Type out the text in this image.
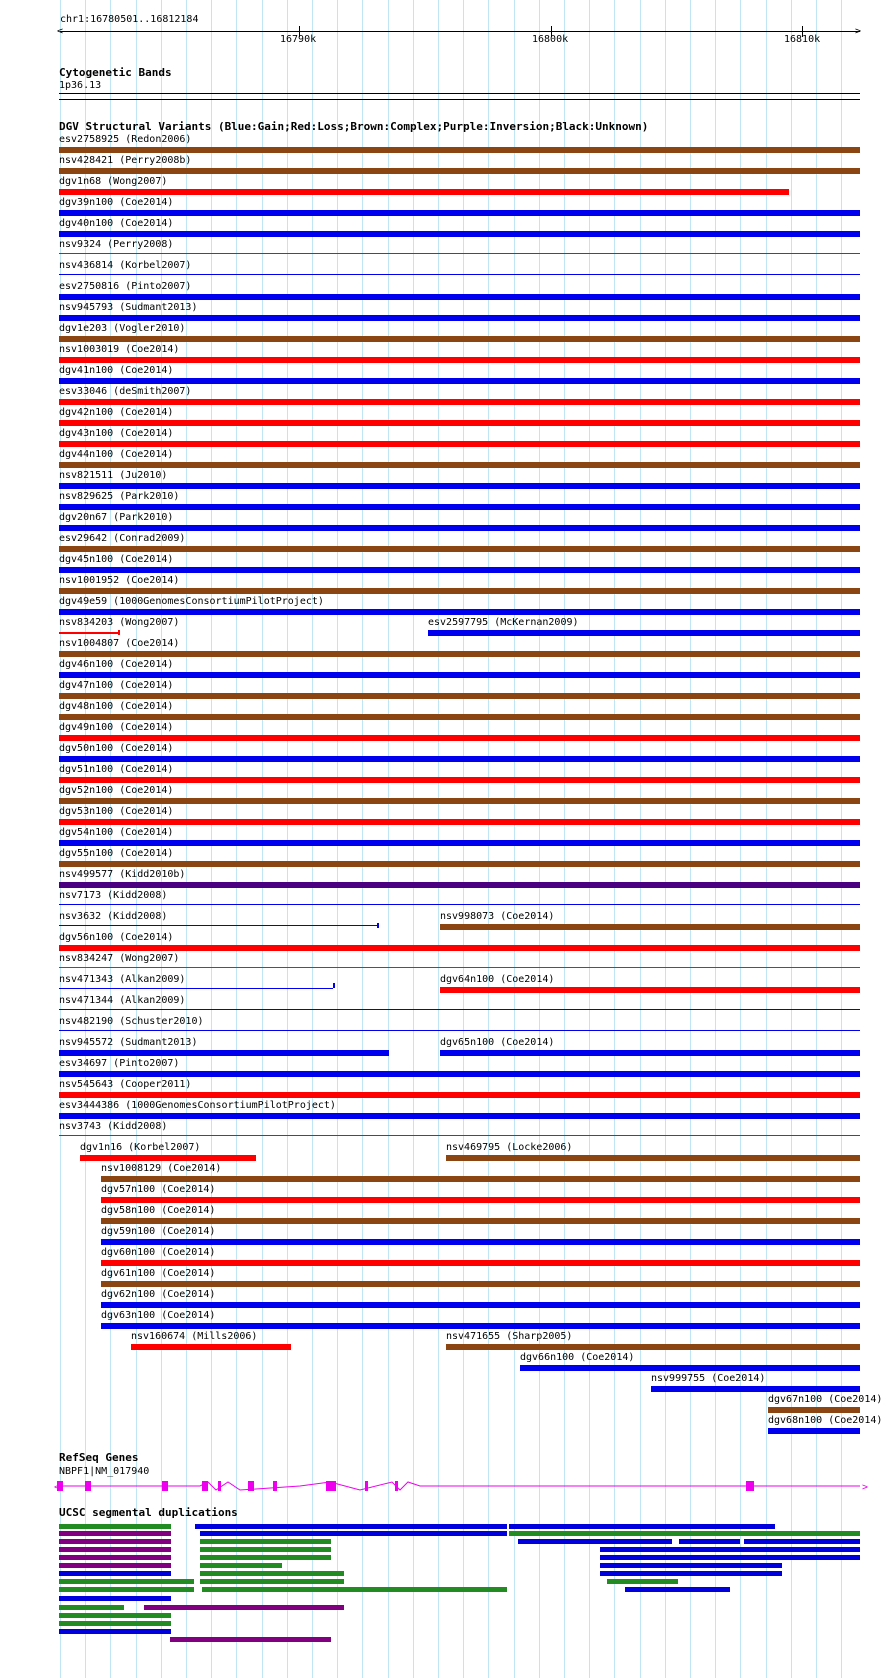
chr1:16780501..16812184
<	>
16790k	16800k	16810k
Cytogenetic Bands
1p36.13
DGV Structural Variants (Blue:Gain;Red:Loss;Brown:Complex;Purple:Inversion;Black:Unknown)
esv2758925 (Redon2006)
nsv428421 (Perry2008b)
dgv1n68 (Wong2007)
dgv39n100 (Coe2014)
dgv40n100 (Coe2014)
nsv9324 (Perry2008)
nsv436814 (Korbel2007)
esv2750816 (Pinto2007)
nsv945793 (Sudmant2013)
dgv1e203 (Vogler2010)
nsv1003019 (Coe2014)
dgv41n100 (Coe2014)
esv33046 (deSmith2007)
dgv42n100 (Coe2014)
dgv43n100 (Coe2014)
dgv44n100 (Coe2014)
nsv821511 (Ju2010)
nsv829625 (Park2010)
dgv20n67 (Park2010)
esv29642 (Conrad2009)
dgv45n100 (Coe2014)
nsv1001952 (Coe2014)
dgv49e59 (1000GenomesConsortiumPilotProject)
nsv834203 (Wong2007)	esv2597795 (McKernan2009)
nsv1004807 (Coe2014)
dgv46n100 (Coe2014)
dgv47n100 (Coe2014)
dgv48n100 (Coe2014)
dgv49n100 (Coe2014)
dgv50n100 (Coe2014)
dgv51n100 (Coe2014)
dgv52n100 (Coe2014)
dgv53n100 (Coe2014)
dgv54n100 (Coe2014)
dgv55n100 (Coe2014)
nsv499577 (Kidd2010b)
nsv7173 (Kidd2008)
nsv3632 (Kidd2008)	nsv998073 (Coe2014)
dgv56n100 (Coe2014)
nsv834247 (Wong2007)
nsv471343 (Alkan2009)	dgv64n100 (Coe2014)
nsv471344 (Alkan2009)
nsv482190 (Schuster2010)
nsv945572 (Sudmant2013)	dgv65n100 (Coe2014)
esv34697 (Pinto2007)
nsv545643 (Cooper2011)
esv3444386 (1000GenomesConsortiumPilotProject)
nsv3743 (Kidd2008)
dgv1n16 (Korbel2007)	nsv469795 (Locke2006)
nsv1008129 (Coe2014)
dgv57n100 (Coe2014)
dgv58n100 (Coe2014)
dgv59n100 (Coe2014)
dgv60n100 (Coe2014)
dgv61n100 (Coe2014)
dgv62n100 (Coe2014)
dgv63n100 (Coe2014)
nsv160674 (Mills2006)	nsv471655 (Sharp2005)
dgv66n100 (Coe2014)
nsv999755 (Coe2014)
dgv67n100 (Coe2014)
dgv68n100 (Coe2014)
RefSeq Genes
NBPF1|NM_017940
<	>
UCSC segmental duplications
